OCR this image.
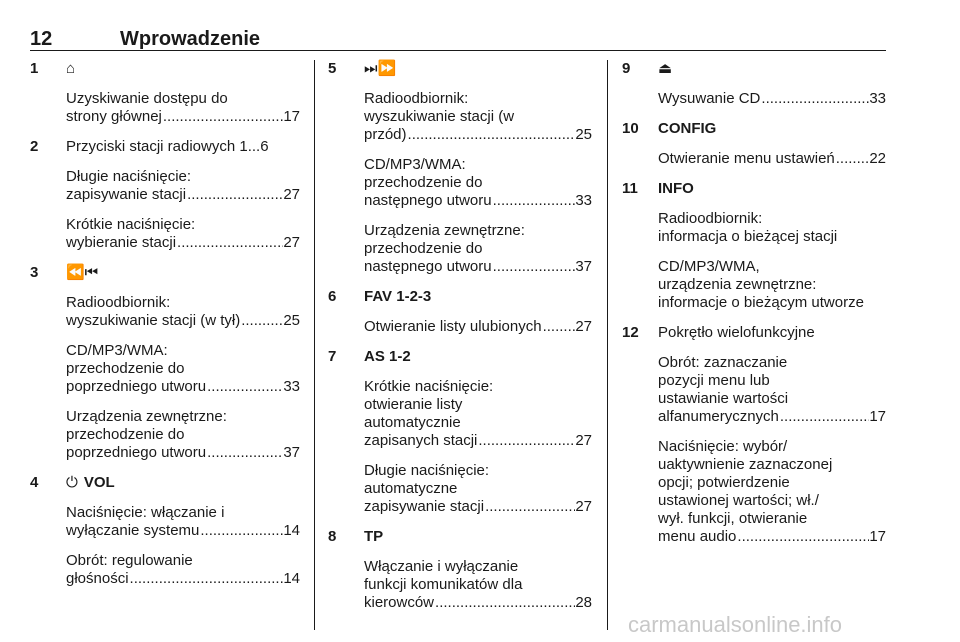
12	Wprowadzenie
1 ⌂
Uzyskiwanie dostępu do
strony głównej .....	17
2 Przyciski stacji radiowych 1...6
Długie naciśnięcie:
zapisywanie stacji .....	27
Krótkie naciśnięcie:
wybieranie stacji .....	27
3 ⏪⏮
Radioodbiornik:
wyszukiwanie stacji (w tył) .....	25
CD/MP3/WMA:
przechodzenie do
poprzedniego utworu .....	33
Urządzenia zewnętrzne:
przechodzenie do
poprzedniego utworu .....	37
4 ⏻ VOL
Naciśnięcie: włączanie i
wyłączanie systemu .....	14
Obrót: regulowanie
głośności .....	14
5 ⏭⏩
Radioodbiornik:
wyszukiwanie stacji (w
przód) .....	25
CD/MP3/WMA:
przechodzenie do
następnego utworu .....	33
Urządzenia zewnętrzne:
przechodzenie do
następnego utworu .....	37
6 FAV 1-2-3
Otwieranie listy ulubionych ..... 27
7 AS 1-2
Krótkie naciśnięcie:
otwieranie listy
automatycznie
zapisanych stacji .....	27
Długie naciśnięcie:
automatyczne
zapisywanie stacji .....	27
8 TP
Włączanie i wyłączanie
funkcji komunikatów dla
kierowców .....	28
9 ⏏
Wysuwanie CD .....	33
10 CONFIG
Otwieranie menu ustawień ..... 22
11 INFO
Radioodbiornik:
informacja o bieżącej stacji
CD/MP3/WMA,
urządzenia zewnętrzne:
informacje o bieżącym utworze
12 Pokrętło wielofunkcyjne
Obrót: zaznaczanie
pozycji menu lub
ustawianie wartości
alfanumerycznych .....	17
Naciśnięcie: wybór/
uaktywnienie zaznaczonej
opcji; potwierdzenie
ustawionej wartości; wł./
wył. funkcji, otwieranie
menu audio .....	17
carmanualsonline.info
